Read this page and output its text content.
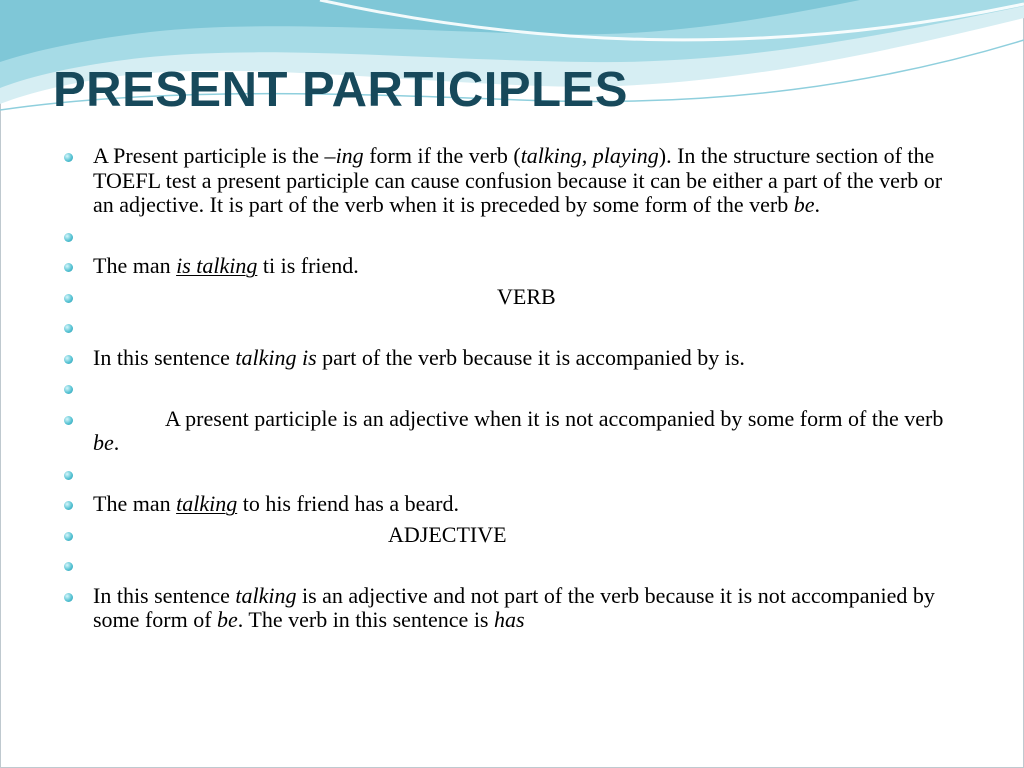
PRESENT PARTICIPLES
A Present participle is the –ing form if the verb (talking, playing). In the structure section of the TOEFL test a present participle can cause confusion because it can be either a part of the verb or an adjective. It is part of the verb when it is preceded by some form of the verb be.
The man is talking ti is friend.
VERB
In this sentence talking is part of the verb because it is accompanied by is.
A present participle is an adjective when it is not accompanied by some form of the verb be.
The man talking to his friend has a beard.
ADJECTIVE
In this sentence talking is an adjective and not part of the verb because it is not accompanied by some form of be. The verb in this sentence is has
